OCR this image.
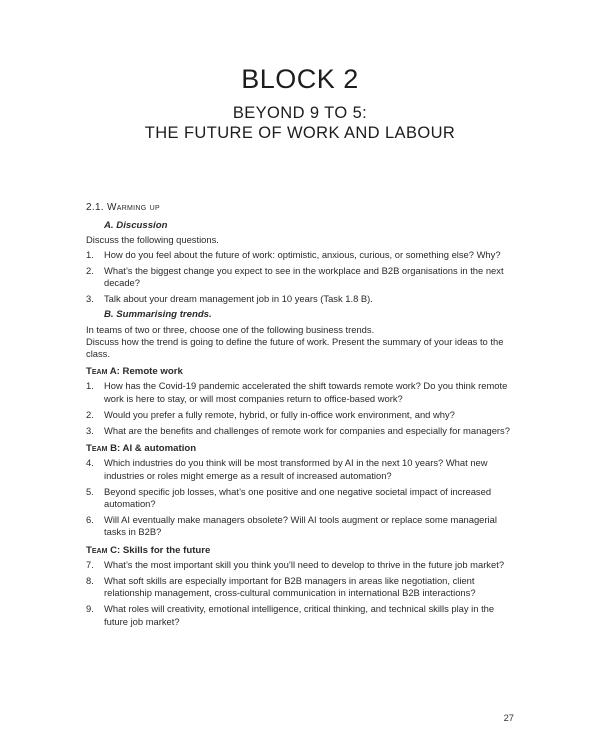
BLOCK 2
BEYOND 9 TO 5:
THE FUTURE OF WORK AND LABOUR
2.1. Warming up
A. Discussion

Discuss the following questions.

1. How do you feel about the future of work: optimistic, anxious, curious, or something else? Why?
2. What’s the biggest change you expect to see in the workplace and B2B organisations in the next decade?
3. Talk about your dream management job in 10 years (Task 1.8 B).
B. Summarising trends.

In teams of two or three, choose one of the following business trends.

Discuss how the trend is going to define the future of work. Present the summary of your ideas to the class.

Team A: Remote work
1. How has the Covid-19 pandemic accelerated the shift towards remote work? Do you think remote work is here to stay, or will most companies return to office-based work?
2. Would you prefer a fully remote, hybrid, or fully in-office work environment, and why?
3. What are the benefits and challenges of remote work for companies and especially for managers?
Team B: AI & automation
4. Which industries do you think will be most transformed by AI in the next 10 years? What new industries or roles might emerge as a result of increased automation?
5. Beyond specific job losses, what’s one positive and one negative societal impact of increased automation?
6. Will AI eventually make managers obsolete? Will AI tools augment or replace some managerial tasks in B2B?
Team C: Skills for the future
7. What’s the most important skill you think you’ll need to develop to thrive in the future job market?
8. What soft skills are especially important for B2B managers in areas like negotiation, client relationship management, cross-cultural communication in international B2B interactions?
9. What roles will creativity, emotional intelligence, critical thinking, and technical skills play in the future job market?
27
